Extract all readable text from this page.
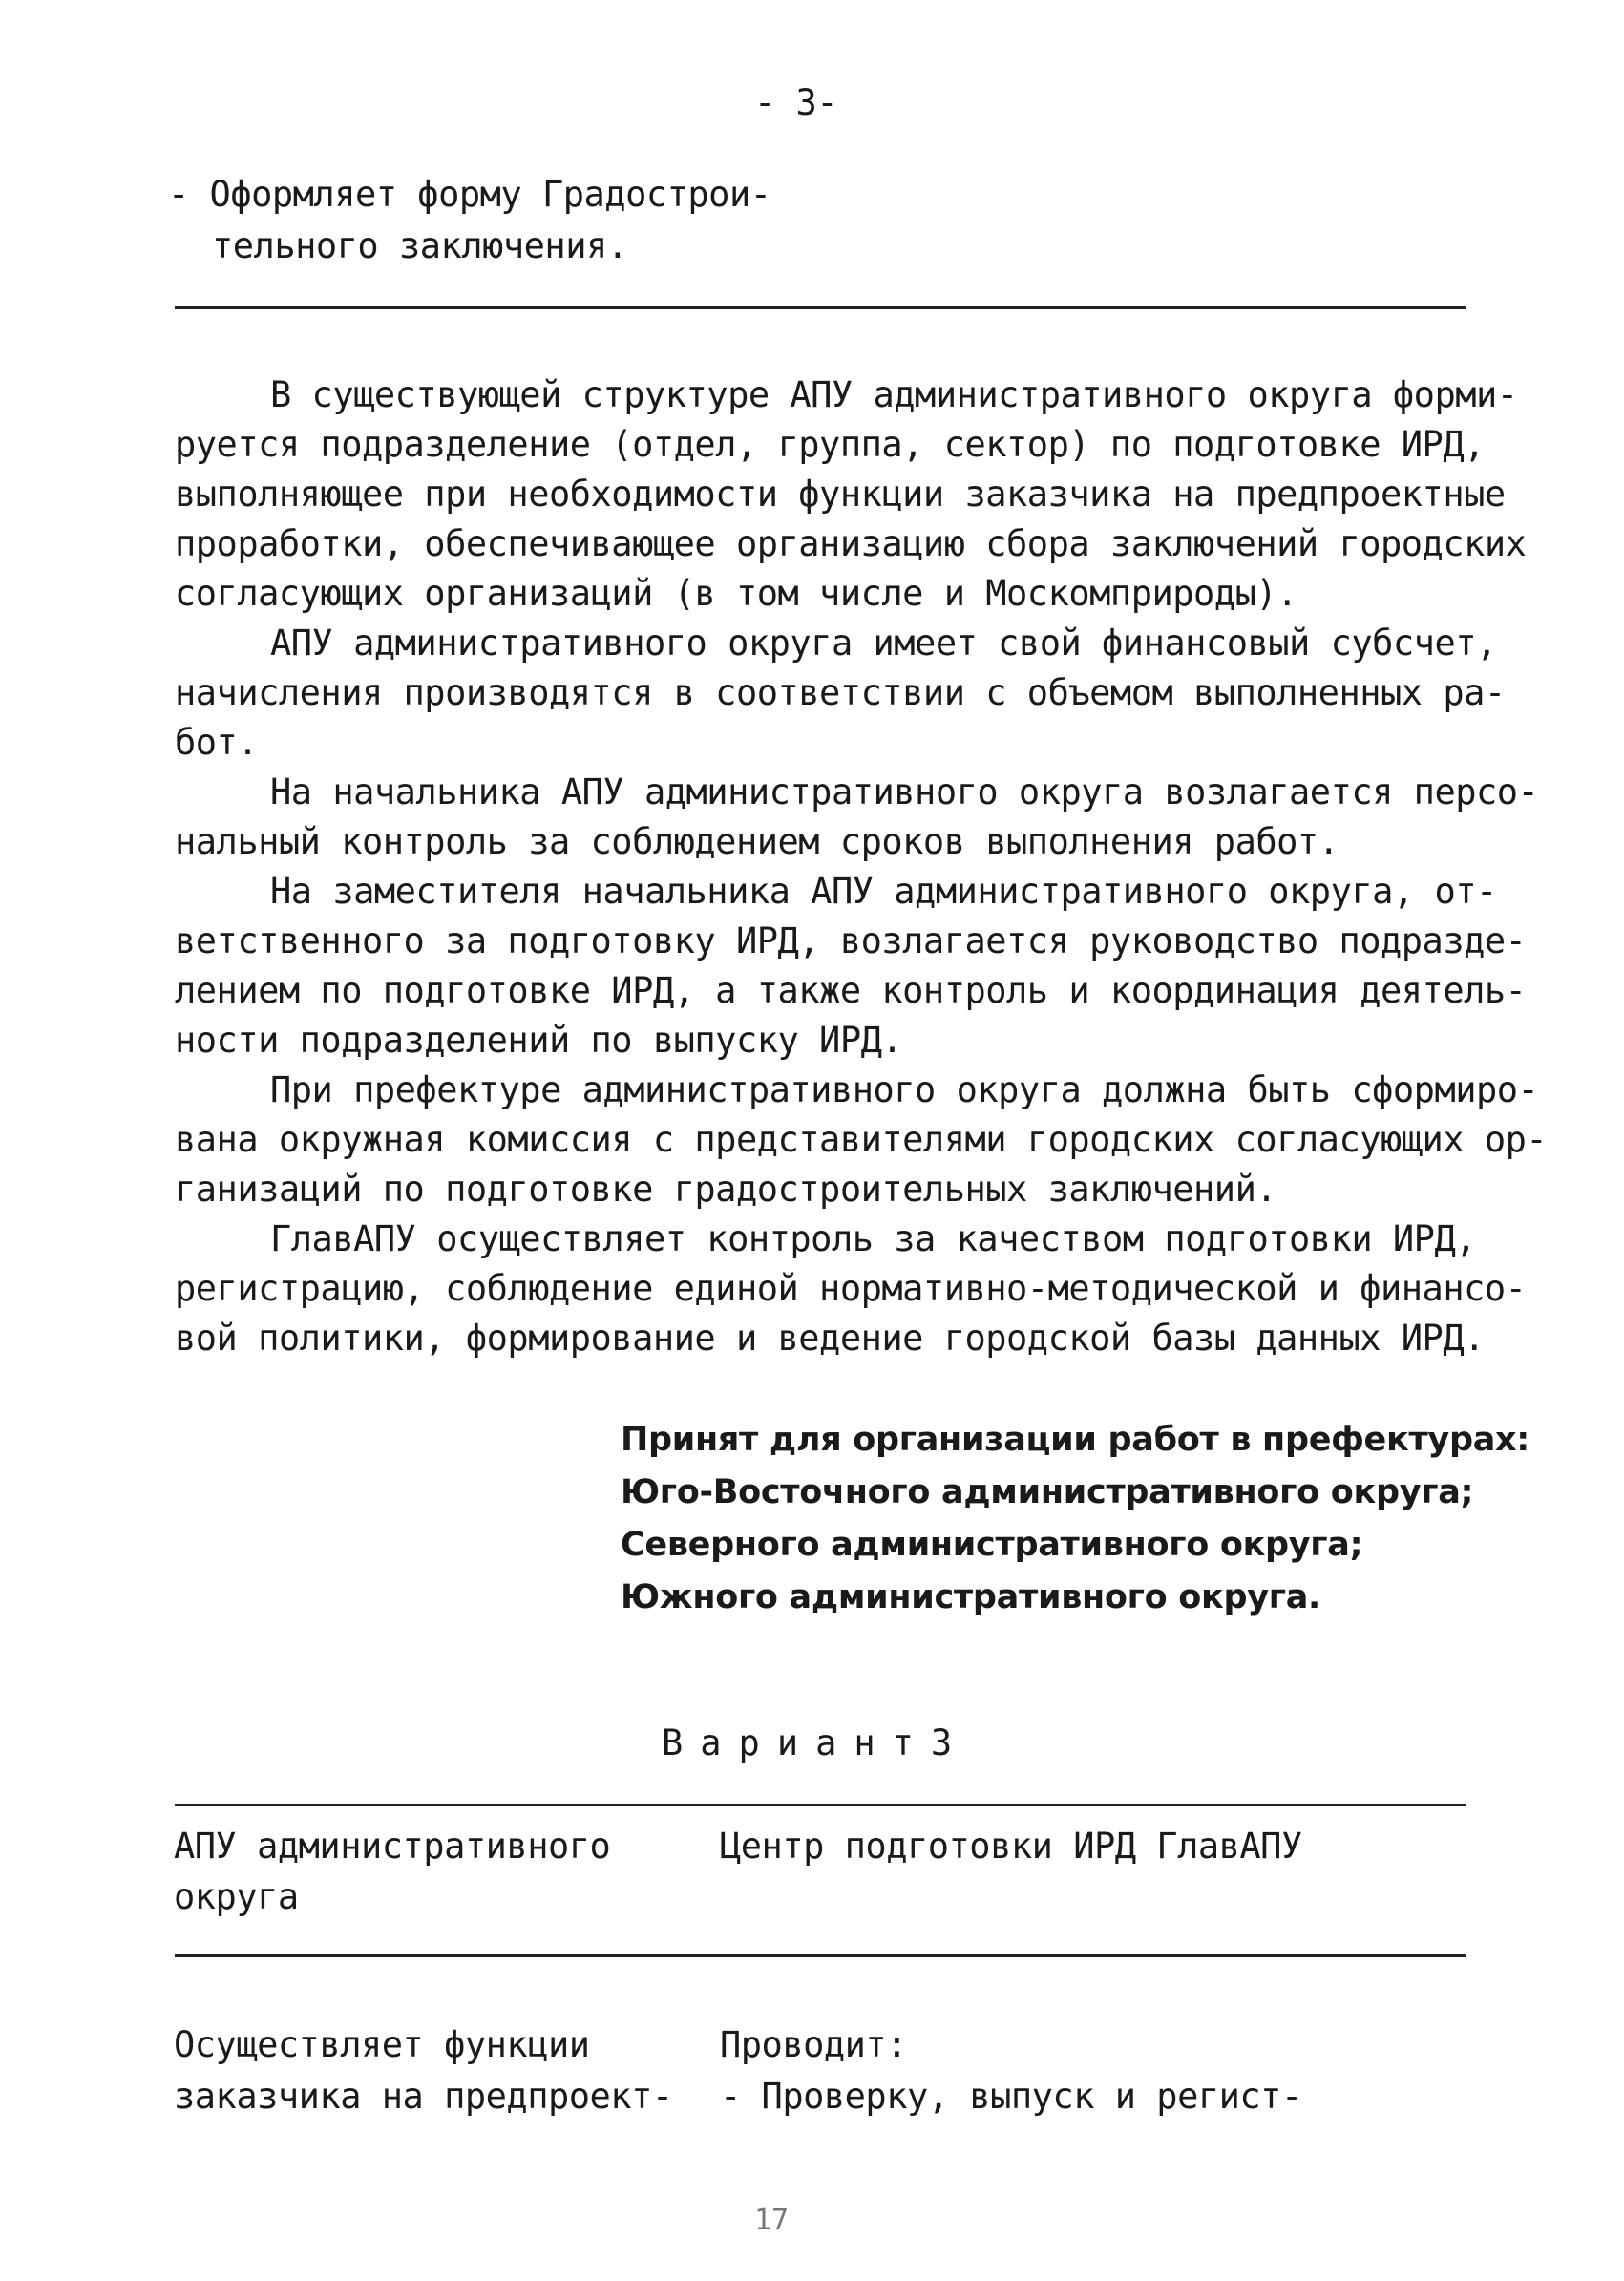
- 3-
- Оформляет форму Градострои-
тельного заключения.
В существующей структуре АПУ административного округа форми-
руется подразделение (отдел, группа, сектор) по подготовке ИРД,
выполняющее при необходимости функции заказчика на предпроектные
проработки, обеспечивающее организацию сбора заключений городских
согласующих организаций (в том числе и Москомприроды).
АПУ административного округа имеет свой финансовый субсчет,
начисления производятся в соответствии с объемом выполненных ра-
бот.
На начальника АПУ административного округа возлагается персо-
нальный контроль за соблюдением сроков выполнения работ.
На заместителя начальника АПУ административного округа, от-
ветственного за подготовку ИРД, возлагается руководство подразде-
лением по подготовке ИРД, а также контроль и координация деятель-
ности подразделений по выпуску ИРД.
При префектуре административного округа должна быть сформиро-
вана окружная комиссия с представителями городских согласующих ор-
ганизаций по подготовке градостроительных заключений.
ГлавАПУ осуществляет контроль за качеством подготовки ИРД,
регистрацию, соблюдение единой нормативно-методической и финансо-
вой политики, формирование и ведение городской базы данных ИРД.
Принят для организации работ в префектурах:
Юго-Восточного административного округа;
Северного административного округа;
Южного административного округа.
Вариант3
АПУ административного
округа
Центр подготовки ИРД ГлавАПУ
Осуществляет функции
заказчика на предпроект-
Проводит:
- Проверку, выпуск и регист-
17
